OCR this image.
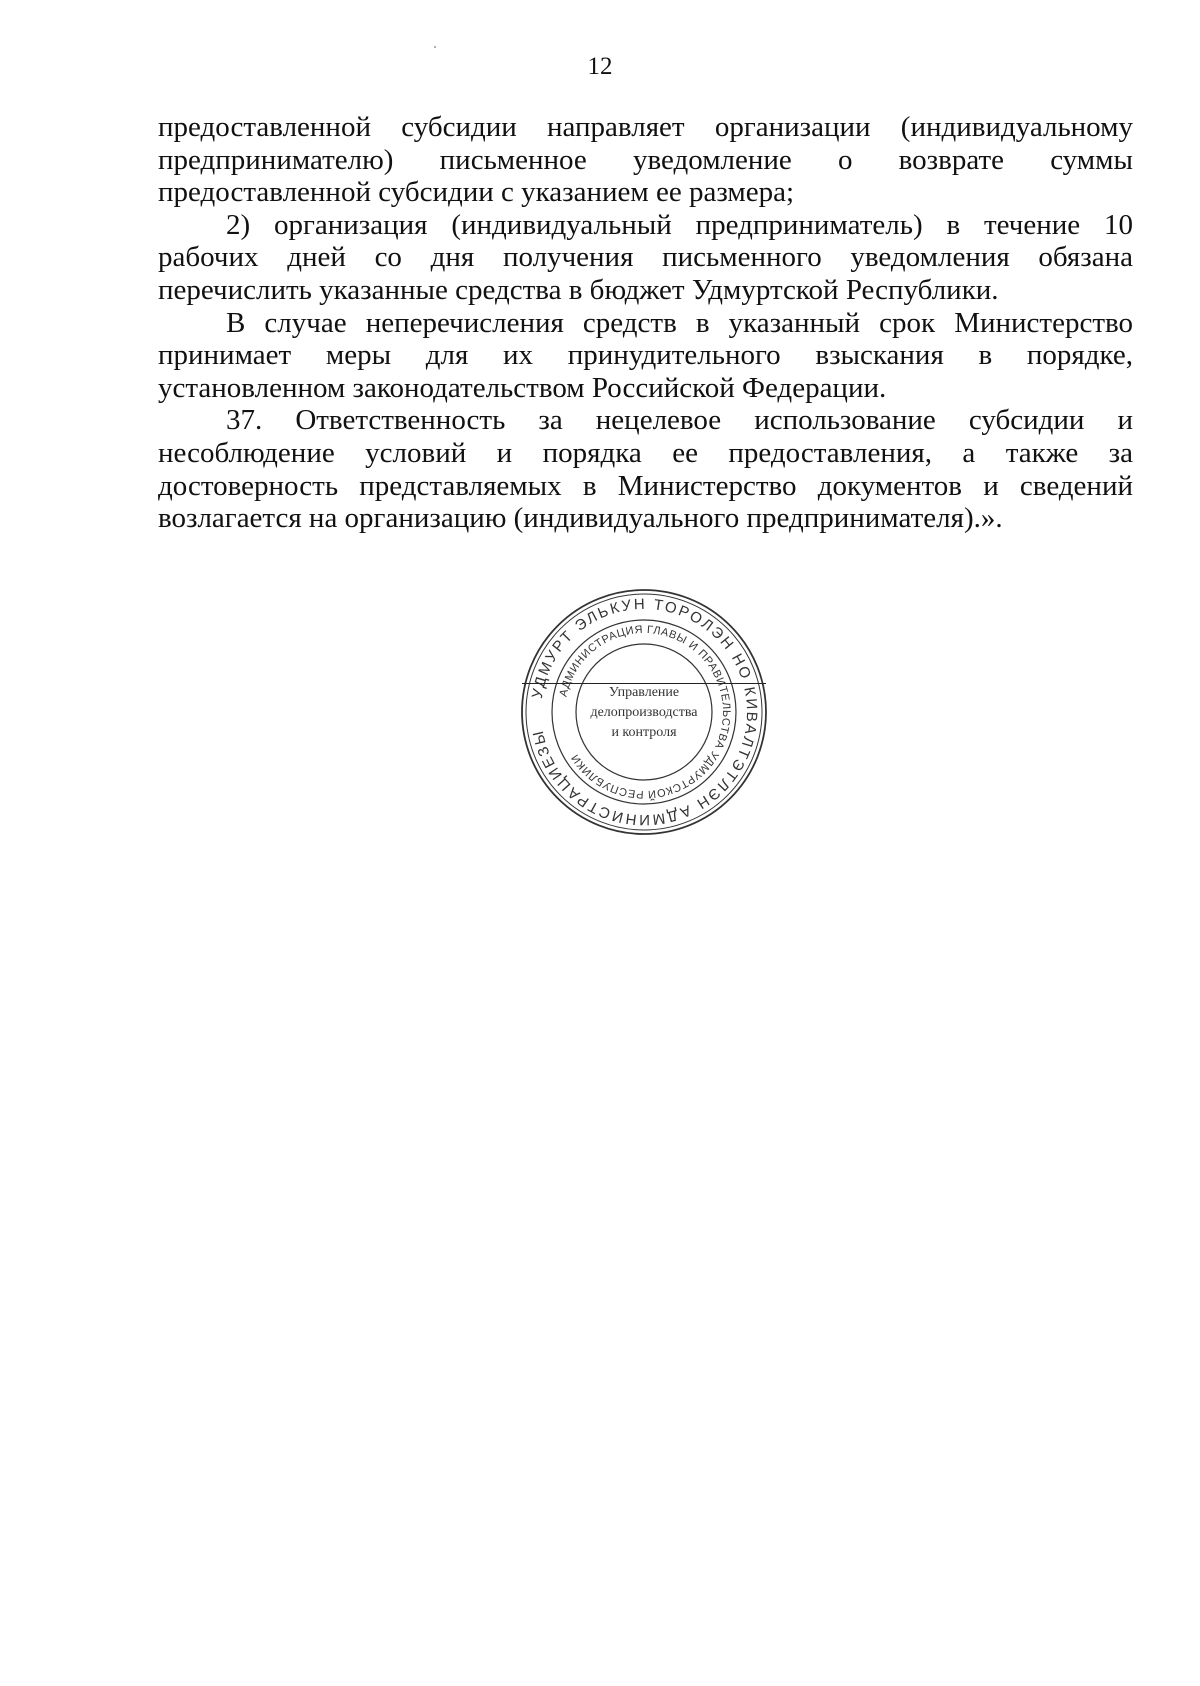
12

предоставленной субсидии направляет организации (индивидуальному предпринимателю) письменное уведомление о возврате суммы предоставленной субсидии с указанием ее размера;

2) организация (индивидуальный предприниматель) в течение 10 рабочих дней со дня получения письменного уведомления обязана перечислить указанные средства в бюджет Удмуртской Республики.

В случае неперечисления средств в указанный срок Министерство принимает меры для их принудительного взыскания в порядке, установленном законодательством Российской Федерации.

37. Ответственность за нецелевое использование субсидии и несоблюдение условий и порядка ее предоставления, а также за достоверность представляемых в Министерство документов и сведений возлагается на организацию (индивидуального предпринимателя).».

УДМУРТ ЭЛЬКУН ТОРОЛЭН НО КИВАЛТЭТЛЭН АДМИНИСТРАЦИЕЗЫ
АДМИНИСТРАЦИЯ ГЛАВЫ И ПРАВИТЕЛЬСТВА УДМУРТСКОЙ РЕСПУБЛИКИ
Управление
делопроизводства
и контроля
